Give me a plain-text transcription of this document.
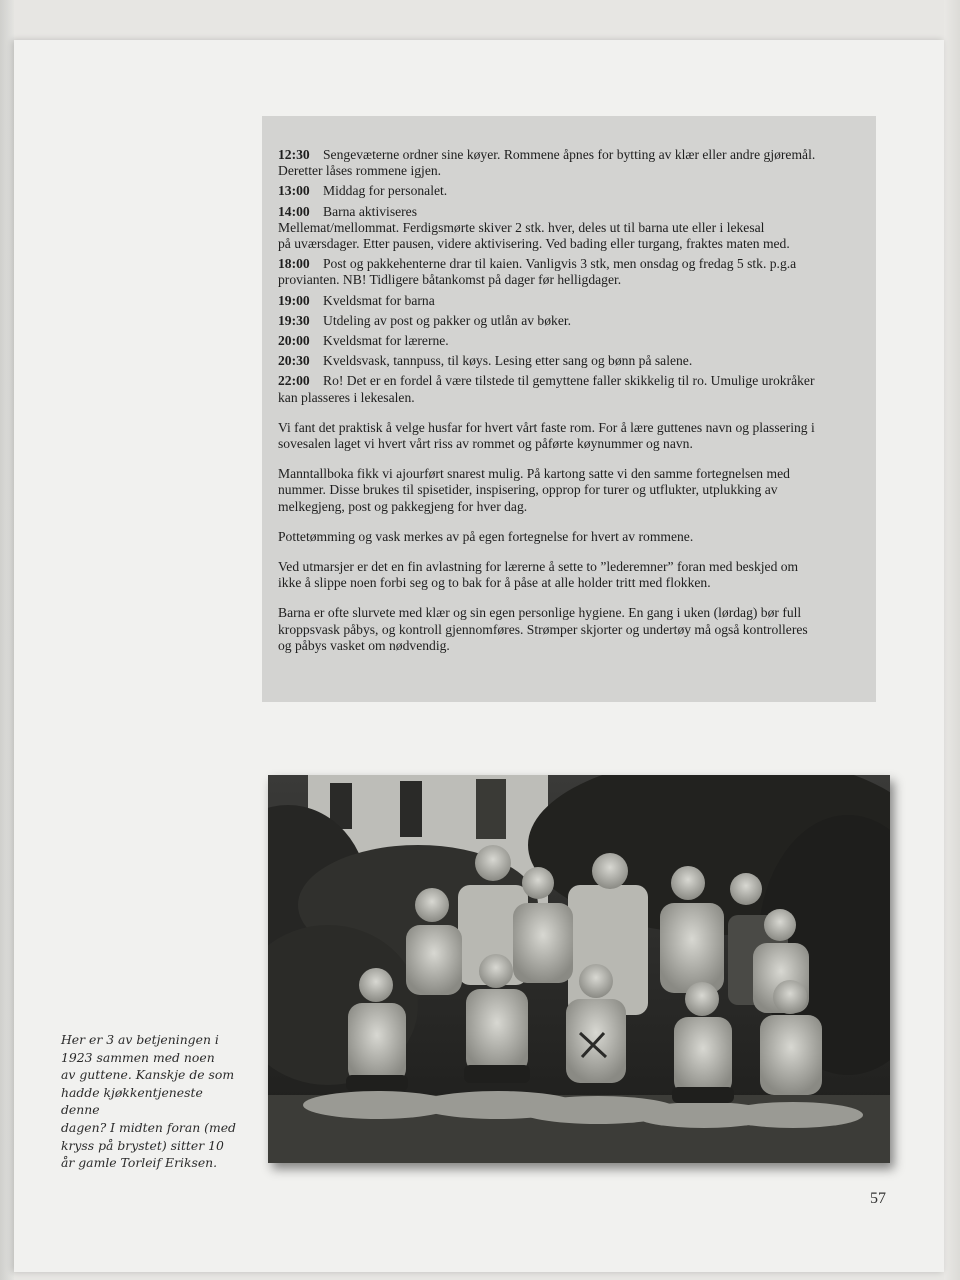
12:30 Sengevæterne ordner sine køyer. Rommene åpnes for bytting av klær eller andre gjøremål.
Deretter låses rommene igjen.
13:00 Middag for personalet.
14:00 Barna aktiviseres
Mellemat/mellommat. Ferdigsmørte skiver 2 stk. hver, deles ut til barna ute eller i lekesal
på uværsdager. Etter pausen, videre aktivisering. Ved bading eller turgang, fraktes maten med.
18:00 Post og pakkehenterne drar til kaien. Vanligvis 3 stk, men onsdag og fredag 5 stk. p.g.a
provianten. NB! Tidligere båtankomst på dager før helligdager.
19:00 Kveldsmat for barna
19:30 Utdeling av post og pakker og utlån av bøker.
20:00 Kveldsmat for lærerne.
20:30 Kveldsvask, tannpuss, til køys. Lesing etter sang og bønn på salene.
22:00 Ro! Det er en fordel å være tilstede til gemyttene faller skikkelig til ro. Umulige urokråker
kan plasseres i lekesalen.
Vi fant det praktisk å velge husfar for hvert vårt faste rom. For å lære guttenes navn og plassering i
sovesalen laget vi hvert vårt riss av rommet og påførte køynummer og navn.
Manntallboka fikk vi ajourført snarest mulig. På kartong satte vi den samme fortegnelsen med
nummer. Disse brukes til spisetider, inspisering, opprop for turer og utflukter, utplukking av
melkegjeng, post og pakkegjeng for hver dag.
Pottetømming og vask merkes av på egen fortegnelse for hvert av rommene.
Ved utmarsjer er det en fin avlastning for lærerne å sette to ”lederemner” foran med beskjed om
ikke å slippe noen forbi seg og to bak for å påse at alle holder tritt med flokken.
Barna er ofte slurvete med klær og sin egen personlige hygiene. En gang i uken (lørdag) bør full
kroppsvask påbys, og kontroll gjennomføres. Strømper skjorter og undertøy må også kontrolleres
og påbys vasket om nødvendig.
Her er 3 av betjeningen i
1923 sammen med noen
av guttene. Kanskje de som
hadde kjøkkentjeneste denne
dagen? I midten foran (med
kryss på brystet) sitter 10
år gamle Torleif Eriksen.
57
